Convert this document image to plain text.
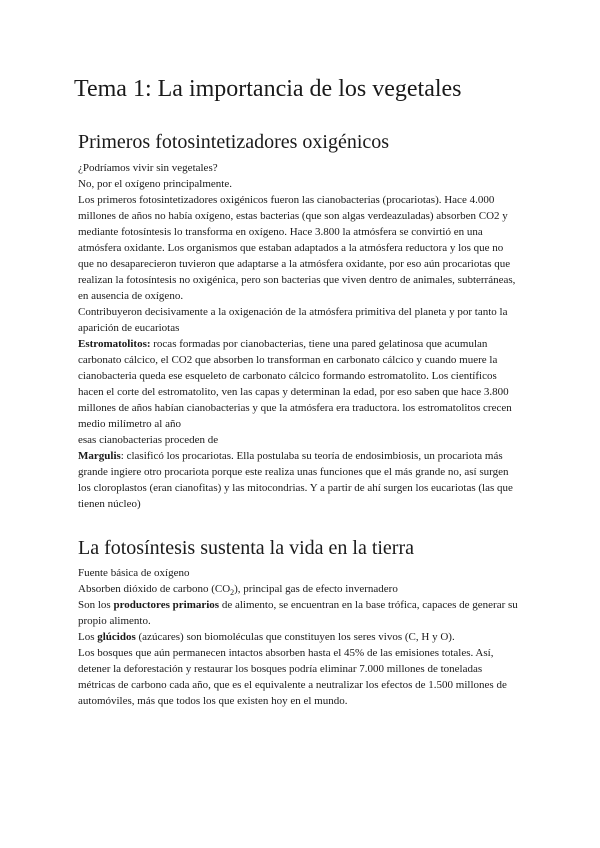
Tema 1: La importancia de los vegetales
Primeros fotosintetizadores oxigénicos

¿Podríamos vivir sin vegetales?

No, por el oxígeno principalmente.

Los primeros fotosintetizadores oxigénicos fueron las cianobacterias (procariotas). Hace 4.000 millones de años no había oxígeno, estas bacterias (que son algas verdeazuladas) absorben CO2 y mediante fotosíntesis lo transforma en oxígeno. Hace 3.800 la atmósfera se convirtió en una atmósfera oxidante. Los organismos que estaban adaptados a la atmósfera reductora y los que no que no desaparecieron tuvieron que adaptarse a la atmósfera oxidante, por eso aún procariotas que realizan la fotosíntesis no oxigénica, pero son bacterias que viven dentro de animales, subterráneas, en ausencia de oxígeno.

Contribuyeron decisivamente a la oxigenación de la atmósfera primitiva del planeta y por tanto la aparición de eucariotas

Estromatolitos: rocas formadas por cianobacterias, tiene una pared gelatinosa que acumulan carbonato cálcico, el CO2 que absorben lo transforman en carbonato cálcico y cuando muere la cianobacteria queda ese esqueleto de carbonato cálcico formando estromatolito. Los científicos hacen el corte del estromatolito, ven las capas y determinan la edad, por eso saben que hace 3.800 millones de años habían cianobacterias y que la atmósfera era traductora. los estromatolitos crecen medio milímetro al año

esas cianobacterias proceden de

Margulis: clasificó los procariotas. Ella postulaba su teoría de endosimbiosis, un procariota más grande ingiere otro procariota porque este realiza unas funciones que el más grande no, así surgen los cloroplastos (eran cianofitas) y las mitocondrias. Y a partir de ahí surgen los eucariotas (las que tienen núcleo)

La fotosíntesis sustenta la vida en la tierra

Fuente básica de oxígeno

Absorben dióxido de carbono $(CO_2)$, principal gas de efecto invernadero

Son los productores primarios de alimento, se encuentran en la base trófica, capaces de generar su propio alimento.

Los glúcidos (azúcares) son biomoléculas que constituyen los seres vivos (C, H y O).

Los bosques que aún permanecen intactos absorben hasta el 45% de las emisiones totales. Así, detener la deforestación y restaurar los bosques podría eliminar 7.000 millones de toneladas métricas de carbono cada año, que es el equivalente a neutralizar los efectos de 1.500 millones de automóviles, más que todos los que existen hoy en el mundo.
